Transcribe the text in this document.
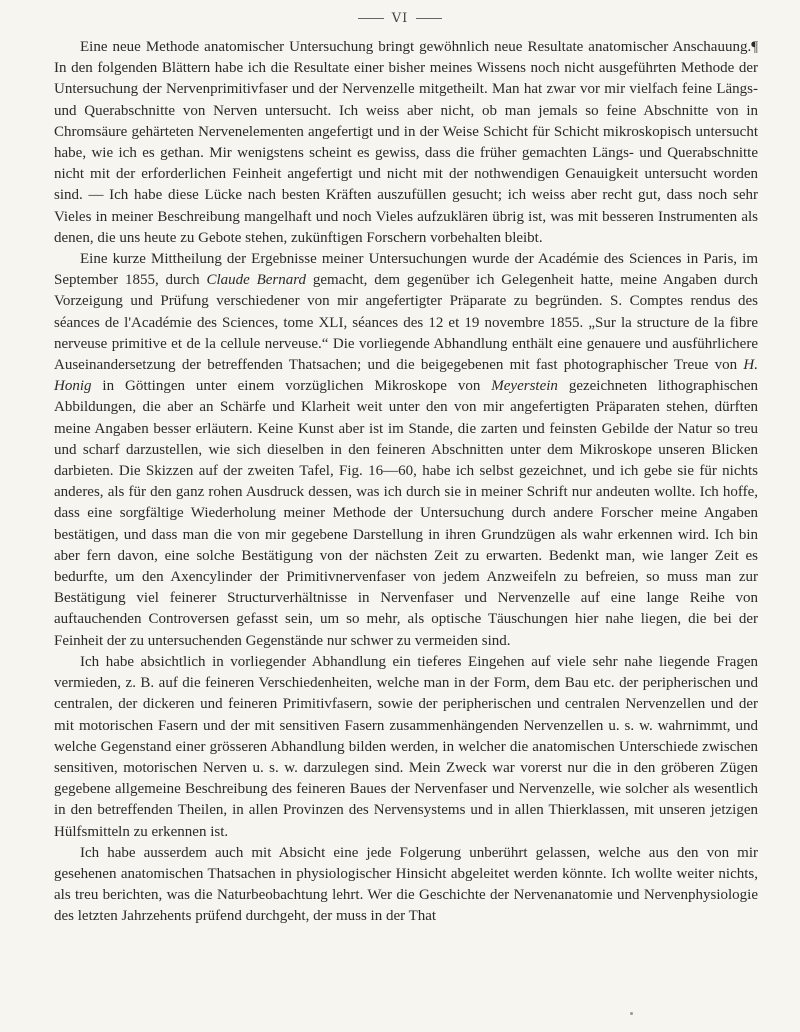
VI

Eine neue Methode anatomischer Untersuchung bringt gewöhnlich neue Resultate anatomischer Anschauung.¶ In den folgenden Blättern habe ich die Resultate einer bisher meines Wissens noch nicht ausgeführten Methode der Untersuchung der Nervenprimitivfaser und der Nervenzelle mitgetheilt. Man hat zwar vor mir vielfach feine Längs- und Querabschnitte von Nerven untersucht. Ich weiss aber nicht, ob man jemals so feine Abschnitte von in Chromsäure gehärteten Nervenelementen angefertigt und in der Weise Schicht für Schicht mikroskopisch untersucht habe, wie ich es gethan. Mir wenigstens scheint es gewiss, dass die früher gemachten Längs- und Querabschnitte nicht mit der erforderlichen Feinheit angefertigt und nicht mit der nothwendigen Genauigkeit untersucht worden sind. — Ich habe diese Lücke nach besten Kräften auszufüllen gesucht; ich weiss aber recht gut, dass noch sehr Vieles in meiner Beschreibung mangelhaft und noch Vieles aufzuklären übrig ist, was mit besseren Instrumenten als denen, die uns heute zu Gebote stehen, zukünftigen Forschern vorbehalten bleibt.

Eine kurze Mittheilung der Ergebnisse meiner Untersuchungen wurde der Académie des Sciences in Paris, im September 1855, durch Claude Bernard gemacht, dem gegenüber ich Gelegenheit hatte, meine Angaben durch Vorzeigung und Prüfung verschiedener von mir angefertigter Präparate zu begründen. S. Comptes rendus des séances de l'Académie des Sciences, tome XLI, séances des 12 et 19 novembre 1855. „Sur la structure de la fibre nerveuse primitive et de la cellule nerveuse.“ Die vorliegende Abhandlung enthält eine genauere und ausführlichere Auseinandersetzung der betreffenden Thatsachen; und die beigegebenen mit fast photographischer Treue von H. Honig in Göttingen unter einem vorzüglichen Mikroskope von Meyerstein gezeichneten lithographischen Abbildungen, die aber an Schärfe und Klarheit weit unter den von mir angefertigten Präparaten stehen, dürften meine Angaben besser erläutern. Keine Kunst aber ist im Stande, die zarten und feinsten Gebilde der Natur so treu und scharf darzustellen, wie sich dieselben in den feineren Abschnitten unter dem Mikroskope unseren Blicken darbieten. Die Skizzen auf der zweiten Tafel, Fig. 16—60, habe ich selbst gezeichnet, und ich gebe sie für nichts anderes, als für den ganz rohen Ausdruck dessen, was ich durch sie in meiner Schrift nur andeuten wollte. Ich hoffe, dass eine sorgfältige Wiederholung meiner Methode der Untersuchung durch andere Forscher meine Angaben bestätigen, und dass man die von mir gegebene Darstellung in ihren Grundzügen als wahr erkennen wird. Ich bin aber fern davon, eine solche Bestätigung von der nächsten Zeit zu erwarten. Bedenkt man, wie langer Zeit es bedurfte, um den Axencylinder der Primitivnervenfaser von jedem Anzweifeln zu befreien, so muss man zur Bestätigung viel feinerer Structurverhältnisse in Nervenfaser und Nervenzelle auf eine lange Reihe von auftauchenden Controversen gefasst sein, um so mehr, als optische Täuschungen hier nahe liegen, die bei der Feinheit der zu untersuchenden Gegenstände nur schwer zu vermeiden sind.

Ich habe absichtlich in vorliegender Abhandlung ein tieferes Eingehen auf viele sehr nahe liegende Fragen vermieden, z. B. auf die feineren Verschiedenheiten, welche man in der Form, dem Bau etc. der peripherischen und centralen, der dickeren und feineren Primitivfasern, sowie der peripherischen und centralen Nervenzellen und der mit motorischen Fasern und der mit sensitiven Fasern zusammenhängenden Nervenzellen u. s. w. wahrnimmt, und welche Gegenstand einer grösseren Abhandlung bilden werden, in welcher die anatomischen Unterschiede zwischen sensitiven, motorischen Nerven u. s. w. darzulegen sind. Mein Zweck war vorerst nur die in den gröberen Zügen gegebene allgemeine Beschreibung des feineren Baues der Nervenfaser und Nervenzelle, wie solcher als wesentlich in den betreffenden Theilen, in allen Provinzen des Nervensystems und in allen Thierklassen, mit unseren jetzigen Hülfsmitteln zu erkennen ist.

Ich habe ausserdem auch mit Absicht eine jede Folgerung unberührt gelassen, welche aus den von mir gesehenen anatomischen Thatsachen in physiologischer Hinsicht abgeleitet werden könnte. Ich wollte weiter nichts, als treu berichten, was die Naturbeobachtung lehrt. Wer die Geschichte der Nervenanatomie und Nervenphysiologie des letzten Jahrzehents prüfend durchgeht, der muss in der That
